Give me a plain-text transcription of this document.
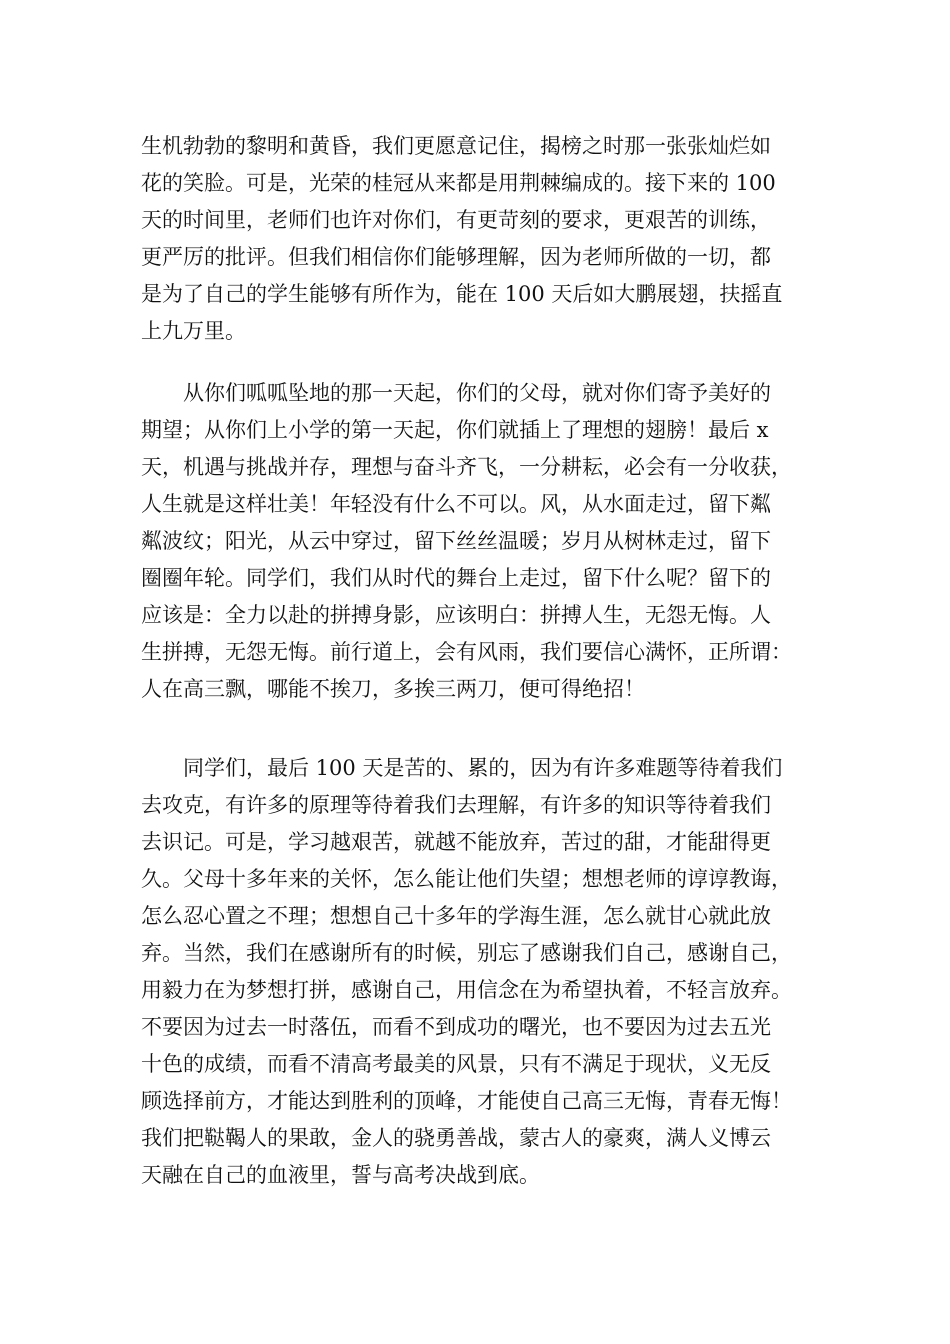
生机勃勃的黎明和黄昏，我们更愿意记住，揭榜之时那一张张灿烂如
花的笑脸。可是，光荣的桂冠从来都是用荆棘编成的。接下来的 100
天的时间里，老师们也许对你们，有更苛刻的要求，更艰苦的训练，
更严厉的批评。但我们相信你们能够理解，因为老师所做的一切，都
是为了自己的学生能够有所作为，能在 100 天后如大鹏展翅，扶摇直
上九万里。
从你们呱呱坠地的那一天起，你们的父母，就对你们寄予美好的
期望；从你们上小学的第一天起，你们就插上了理想的翅膀！最后 x
天，机遇与挑战并存，理想与奋斗齐飞，一分耕耘，必会有一分收获，
人生就是这样壮美！年轻没有什么不可以。风，从水面走过，留下粼
粼波纹；阳光，从云中穿过，留下丝丝温暖；岁月从树林走过，留下
圈圈年轮。同学们，我们从时代的舞台上走过，留下什么呢？留下的
应该是：全力以赴的拼搏身影，应该明白：拼搏人生，无怨无悔。人
生拼搏，无怨无悔。前行道上，会有风雨，我们要信心满怀，正所谓：
人在高三飘，哪能不挨刀，多挨三两刀，便可得绝招！
同学们，最后 100 天是苦的、累的，因为有许多难题等待着我们
去攻克，有许多的原理等待着我们去理解，有许多的知识等待着我们
去识记。可是，学习越艰苦，就越不能放弃，苦过的甜，才能甜得更
久。父母十多年来的关怀，怎么能让他们失望；想想老师的谆谆教诲，
怎么忍心置之不理；想想自己十多年的学海生涯，怎么就甘心就此放
弃。当然，我们在感谢所有的时候，别忘了感谢我们自己，感谢自己，
用毅力在为梦想打拼，感谢自己，用信念在为希望执着，不轻言放弃。
不要因为过去一时落伍，而看不到成功的曙光，也不要因为过去五光
十色的成绩，而看不清高考最美的风景，只有不满足于现状，义无反
顾选择前方，才能达到胜利的顶峰，才能使自己高三无悔，青春无悔！
我们把鞑鞨人的果敢，金人的骁勇善战，蒙古人的豪爽，满人义博云
天融在自己的血液里，誓与高考决战到底。
